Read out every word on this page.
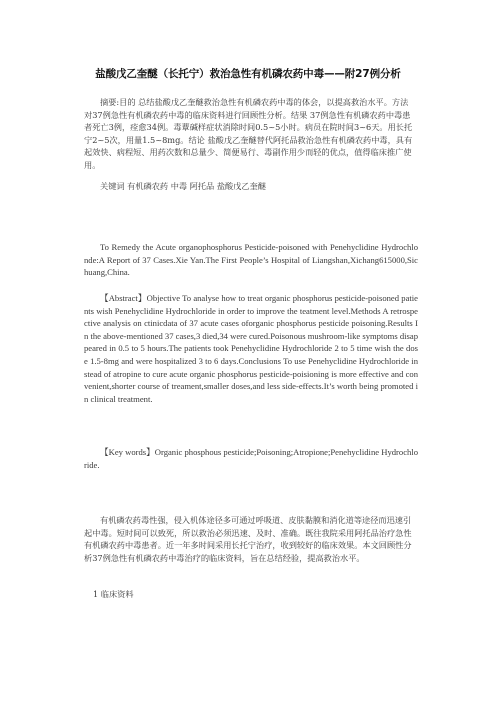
盐酸戊乙奎醚（长托宁）救治急性有机磷农药中毒——附27例分析
摘要:目的 总结盐酸戊乙奎醚救治急性有机磷农药中毒的体会，以提高救治水平。方法 对37例急性有机磷农药中毒的临床资料进行回顾性分析。结果 37例急性有机磷农药中毒患者死亡3例，痊愈34例。毒蕈碱样症状消除时间0.5~5小时。病员在院时间3~6天。用长托宁2~5次，用量1.5~8mg。结论 盐酸戊乙奎醚替代阿托品救治急性有机磷农药中毒，具有起效快、病程短、用药次数和总量少、简便易行、毒副作用少而轻的优点，值得临床推广使用。
关键词 有机磷农药 中毒 阿托品 盐酸戊乙奎醚
To Remedy the Acute organophosphorus Pesticide-poisoned with Penehyclidine Hydrochlonde:A Report of 37 Cases.Xie Yan.The First People’s Hospital of Liangshan,Xichang615000,Sichuang,China.
【Abstract】Objective To analyse how to treat organic phosphorus pesticide-poisoned patients wish Penehyclidine Hydrochloride in order to improve the teatment level.Methods A retrospective analysis on ctinicdata of 37 acute cases oforganic phosphorus pesticide poisoning.Results In the above-mentioned 37 cases,3 died,34 were cured.Poisonous mushroom-like symptoms disappeared in 0.5 to 5 hours.The patients took Penehyclidine Hydrochloride 2 to 5 time wish the dose 1.5-8mg and were hospitalized 3 to 6 days.Conclusions To use Penehyclidine Hydrochloride instead of atropine to cure acute organic phosphorus pesticide-poisioning is more effective and convenient,shorter course of treament,smaller doses,and less side-effects.It’s worth being promoted in clinical treatment.
【Key words】Organic phosphous pesticide;Poisoning;Atropione;Penehyclidine Hydrochloride.
有机磷农药毒性强，侵入机体途径多可通过呼吸道、皮肤黏膜和消化道等途径而迅速引起中毒。短时间可以致死，所以救治必须迅速、及时、准确。既往我院采用阿托品治疗急性有机磷农药中毒患者。近一年多时间采用长托宁治疗，收到较好的临床效果。本文回顾性分析37例急性有机磷农药中毒治疗的临床资料，旨在总结经验，提高救治水平。
1 临床资料
